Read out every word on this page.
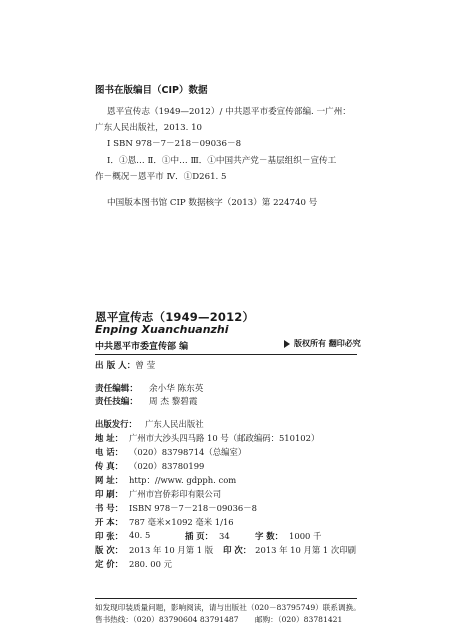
图书在版编目（CIP）数据
恩平宣传志（1949—2012）/ 中共恩平市委宣传部编. 一广州：
广东人民出版社，2013. 10
I SBN 978－7－218－09036－8
Ⅰ．①恩… Ⅱ．①中… Ⅲ．①中国共产党－基层组织－宣传工
作－概况－恩平市 Ⅳ．①D261. 5
中国版本图书馆 CIP 数据核字（2013）第 224740 号
恩平宣传志（1949—2012）
Enping Xuanchuanzhi
中共恩平市委宣传部 编	版权所有 翻印必究
出 版 人：曾 莹
责任编辑：	余小华 陈东英
责任技编：	周 杰 黎碧霞
出版发行： 广东人民出版社
地 址： 广州市大沙头四马路 10 号（邮政编码：510102）
电 话： （020）83798714（总编室）
传 真： （020）83780199
网 址： http：//www. gdpph. com
印 刷： 广州市宫侨彩印有限公司
书 号： ISBN 978－7－218－09036－8
开 本： 787 毫米×1092 毫米 1/16
印 张： 40. 5	插 页： 34	字 数： 1000 千
版 次： 2013 年 10 月第 1 版 印 次： 2013 年 10 月第 1 次印刷
定 价： 280. 00 元
如发现印装质量问题，影响阅读，请与出版社（020－83795749）联系调换。
售书热线：（020）83790604 83791487 邮购：（020）83781421
